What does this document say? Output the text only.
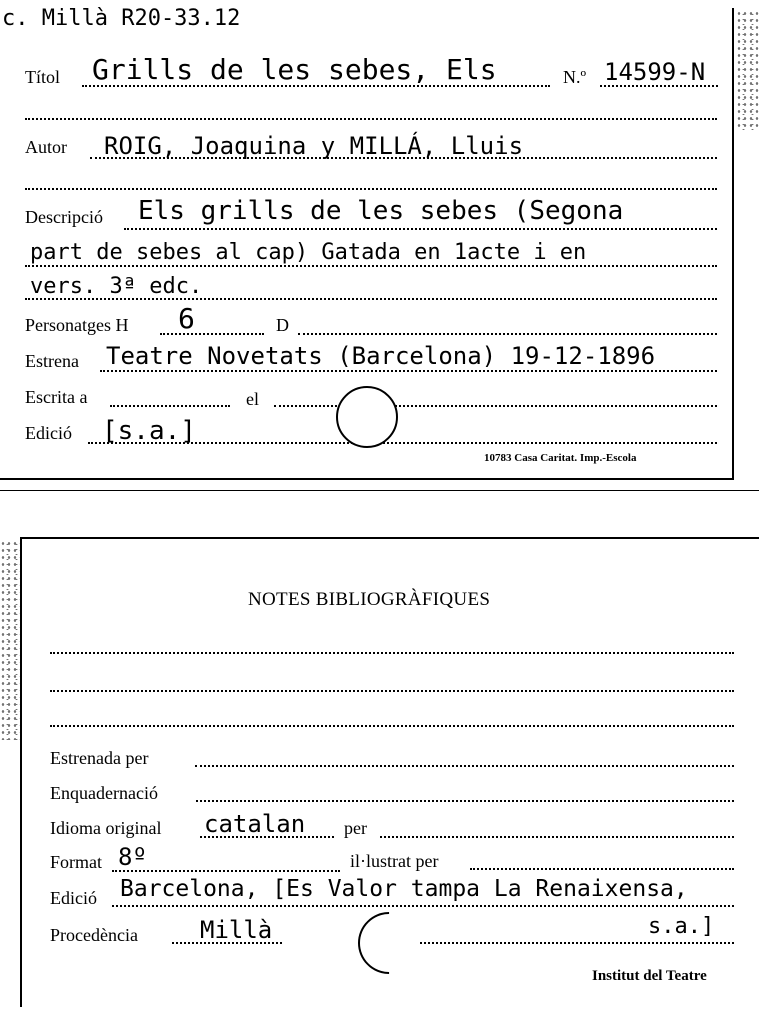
c. Millà R20-33.12
Títol Grills de les sebes, Els	N.º 14599-N
Autor ROIG, Joaquina y MILLÁ, Lluis
Descripció Els grills de les sebes (Segona
part de sebes al cap) Gatada en 1acte i en
vers. 3ª edc.
Personatges H 6	D
Estrena Teatre Novetats (Barcelona) 19-12-1896
Escrita a	el
Edició [s.a.]
10783 Casa Caritat. Imp.-Escola
NOTES BIBLIOGRÀFIQUES
Estrenada per
Enquadernació
Idioma original catalan per
Format 8º	il·lustrat per
Edició Barcelona, [Es Valor tampa La Renaixensa,
Procedència	Millà	s.a.]
Institut del Teatre
